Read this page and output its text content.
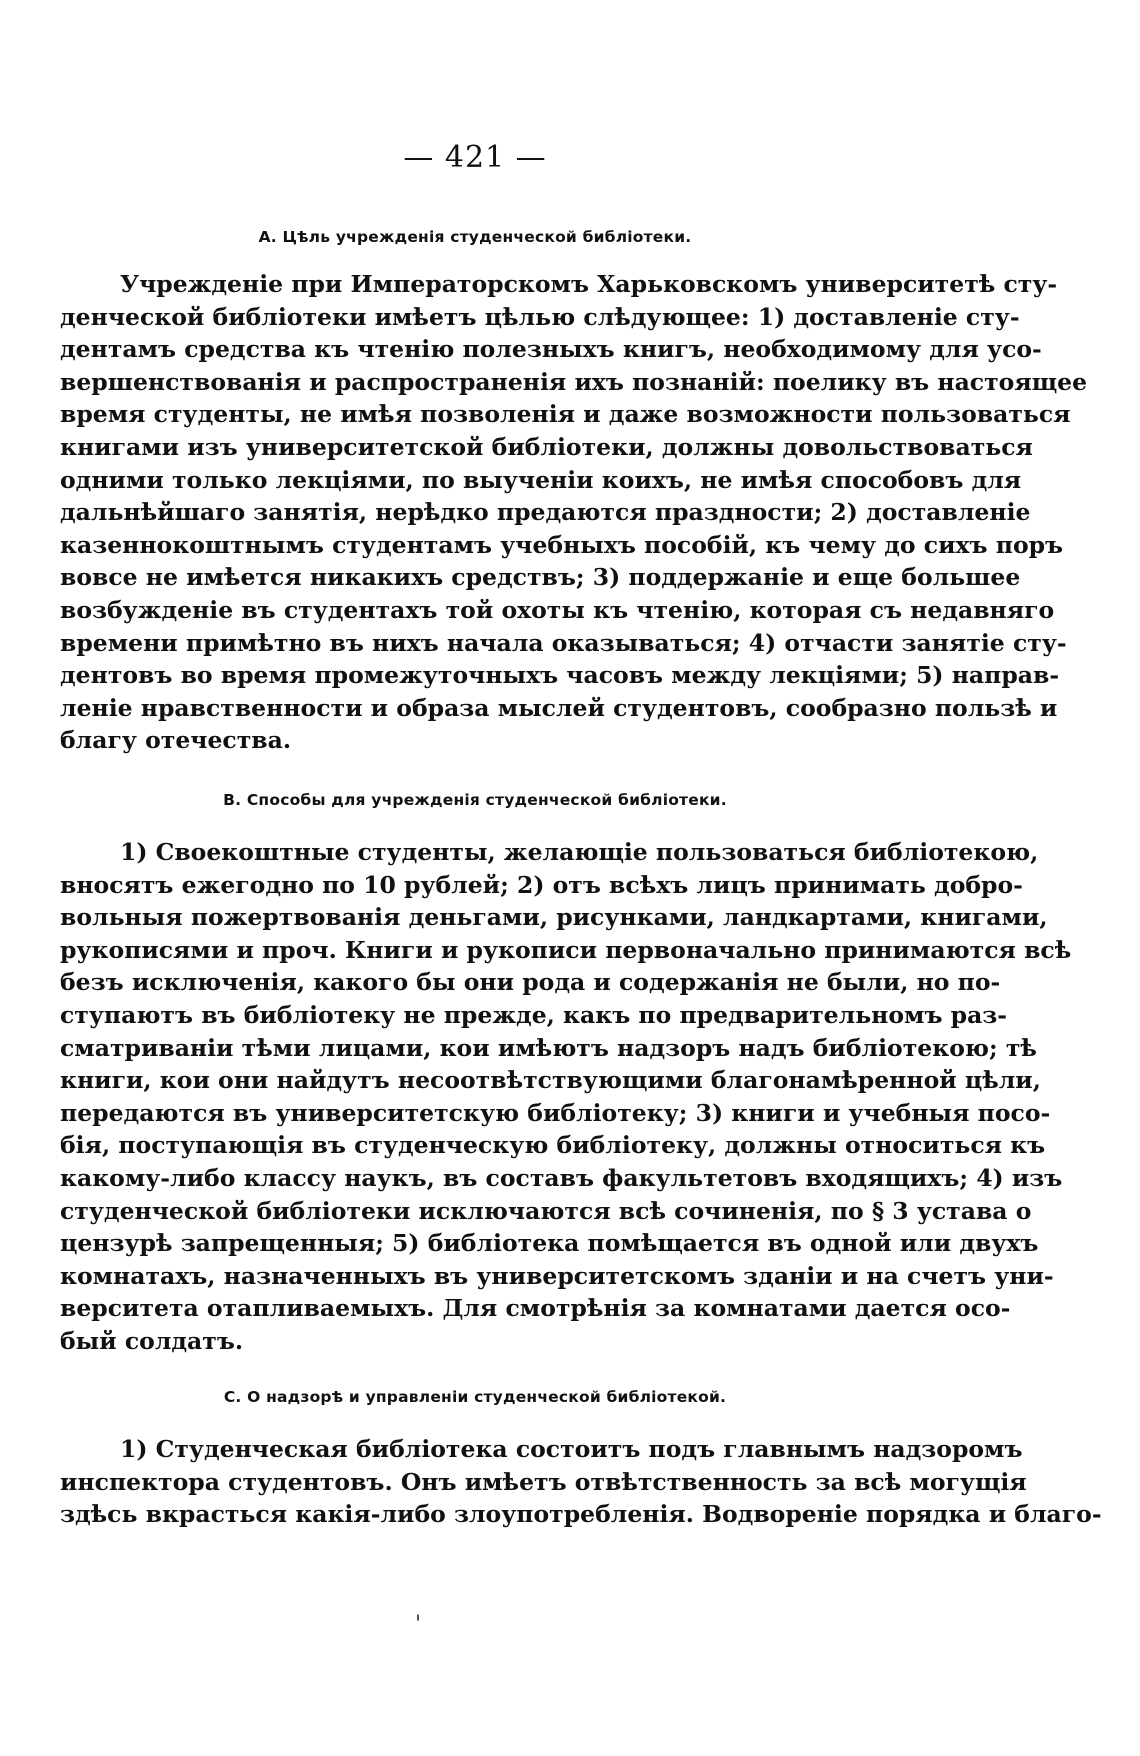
— 421 —
А. Цѣль учрежденія студенческой библіотеки.
Учрежденіе при Императорскомъ Харьковскомъ университетѣ сту-
денческой библіотеки имѣетъ цѣлью слѣдующее: 1) доставленіе сту-
дентамъ средства къ чтенію полезныхъ книгъ, необходимому для усо-
вершенствованія и распространенія ихъ познаній: поелику въ настоящее
время студенты, не имѣя позволенія и даже возможности пользоваться
книгами изъ университетской библіотеки, должны довольствоваться
одними только лекціями, по выученіи коихъ, не имѣя способовъ для
дальнѣйшаго занятія, нерѣдко предаются праздности; 2) доставленіе
казеннокоштнымъ студентамъ учебныхъ пособій, къ чему до сихъ поръ
вовсе не имѣется никакихъ средствъ; 3) поддержаніе и еще большее
возбужденіе въ студентахъ той охоты къ чтенію, которая съ недавняго
времени примѣтно въ нихъ начала оказываться; 4) отчасти занятіе сту-
дентовъ во время промежуточныхъ часовъ между лекціями; 5) направ-
леніе нравственности и образа мыслей студентовъ, сообразно пользѣ и
благу отечества.
В. Способы для учрежденія студенческой библіотеки.
1) Своекоштные студенты, желающіе пользоваться библіотекою,
вносятъ ежегодно по 10 рублей; 2) отъ всѣхъ лицъ принимать добро-
вольныя пожертвованія деньгами, рисунками, ландкартами, книгами,
рукописями и проч. Книги и рукописи первоначально принимаются всѣ
безъ исключенія, какого бы они рода и содержанія не были, но по-
ступаютъ въ библіотеку не прежде, какъ по предварительномъ раз-
сматриваніи тѣми лицами, кои имѣютъ надзоръ надъ библіотекою; тѣ
книги, кои они найдутъ несоотвѣтствующими благонамѣренной цѣли,
передаются въ университетскую библіотеку; 3) книги и учебныя посо-
бія, поступающія въ студенческую библіотеку, должны относиться къ
какому-либо классу наукъ, въ составъ факультетовъ входящихъ; 4) изъ
студенческой библіотеки исключаются всѣ сочиненія, по § 3 устава о
цензурѣ запрещенныя; 5) библіотека помѣщается въ одной или двухъ
комнатахъ, назначенныхъ въ университетскомъ зданіи и на счетъ уни-
верситета отапливаемыхъ. Для смотрѣнія за комнатами дается осо-
бый солдатъ.
С. О надзорѣ и управленіи студенческой библіотекой.
1) Студенческая библіотека состоитъ подъ главнымъ надзоромъ
инспектора студентовъ. Онъ имѣетъ отвѣтственность за всѣ могущія
здѣсь вкрасться какія-либо злоупотребленія. Водвореніе порядка и благо-
'
